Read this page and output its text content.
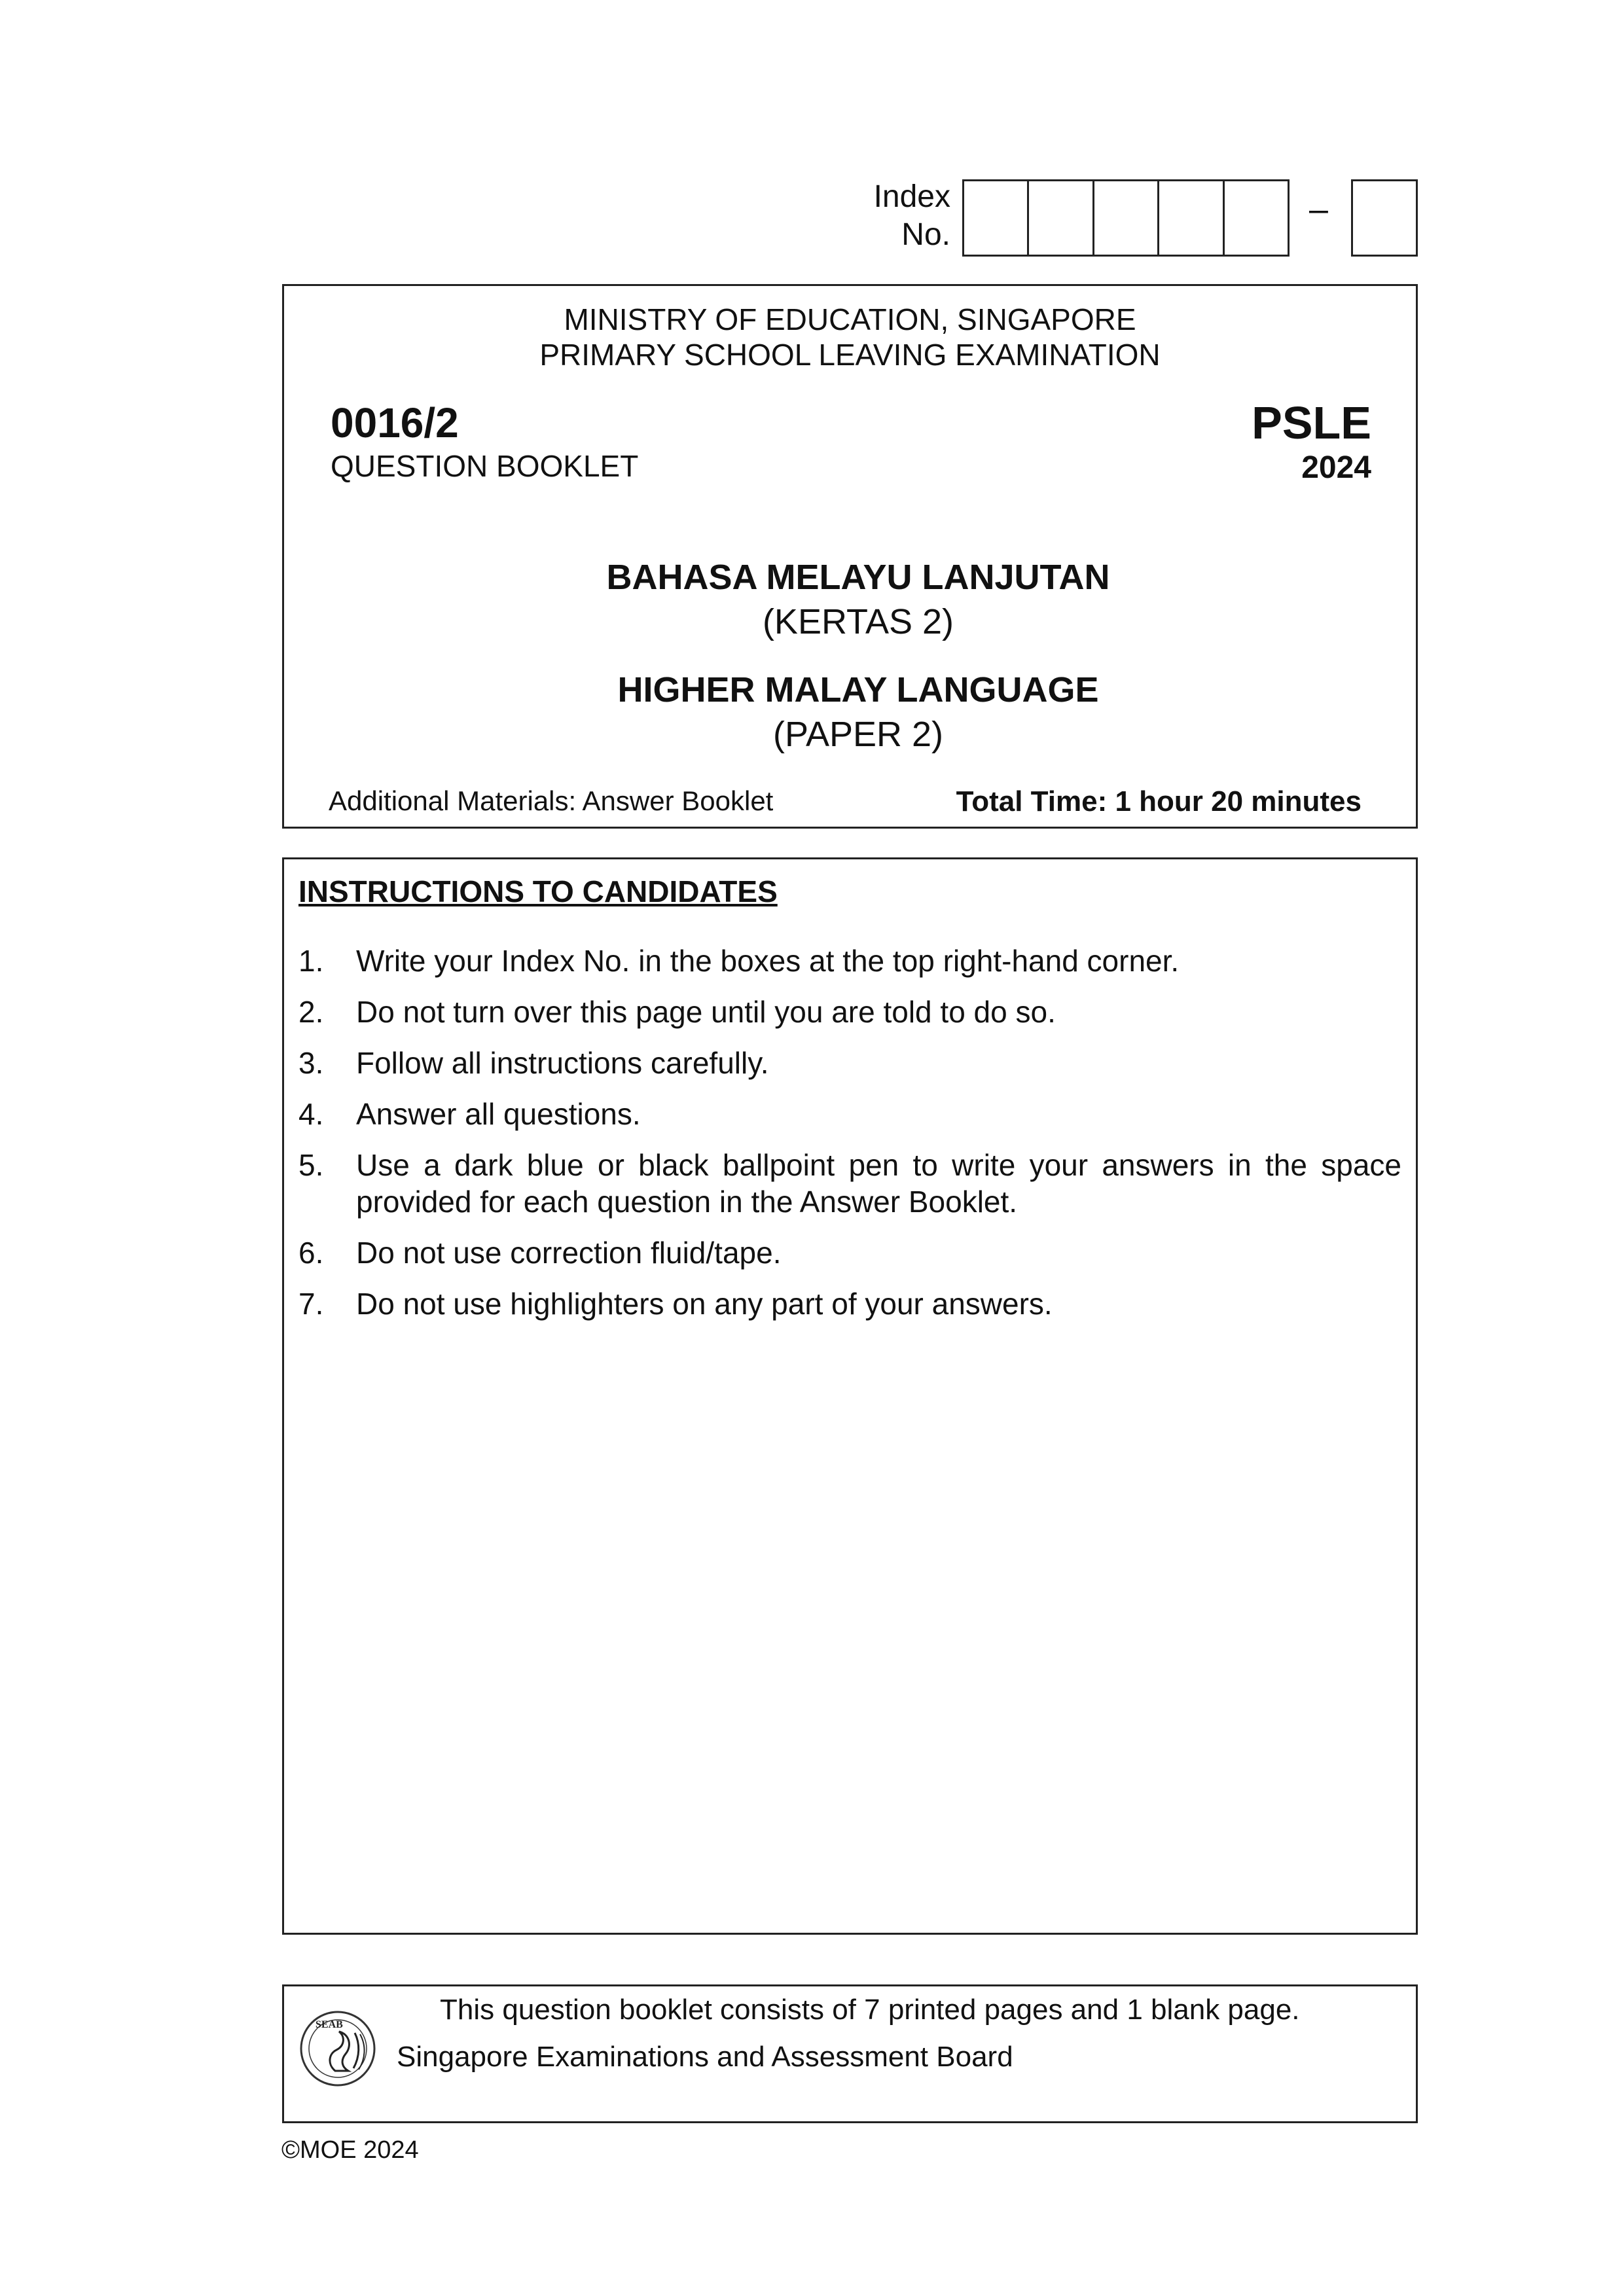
Index
No.
–
MINISTRY OF EDUCATION, SINGAPORE
PRIMARY SCHOOL LEAVING EXAMINATION
0016/2
QUESTION BOOKLET
PSLE
2024
BAHASA MELAYU LANJUTAN
(KERTAS 2)
HIGHER MALAY LANGUAGE
(PAPER 2)
Additional Materials: Answer Booklet	Total Time: 1 hour 20 minutes
INSTRUCTIONS TO CANDIDATES
1.	Write your Index No. in the boxes at the top right-hand corner.
2.	Do not turn over this page until you are told to do so.
3.	Follow all instructions carefully.
4.	Answer all questions.
5.	Use a dark blue or black ballpoint pen to write your answers in the space provided for each question in the Answer Booklet.
6.	Do not use correction fluid/tape.
7.	Do not use highlighters on any part of your answers.
SEAB	This question booklet consists of 7 printed pages and 1 blank page.
Singapore Examinations and Assessment Board
©MOE 2024
